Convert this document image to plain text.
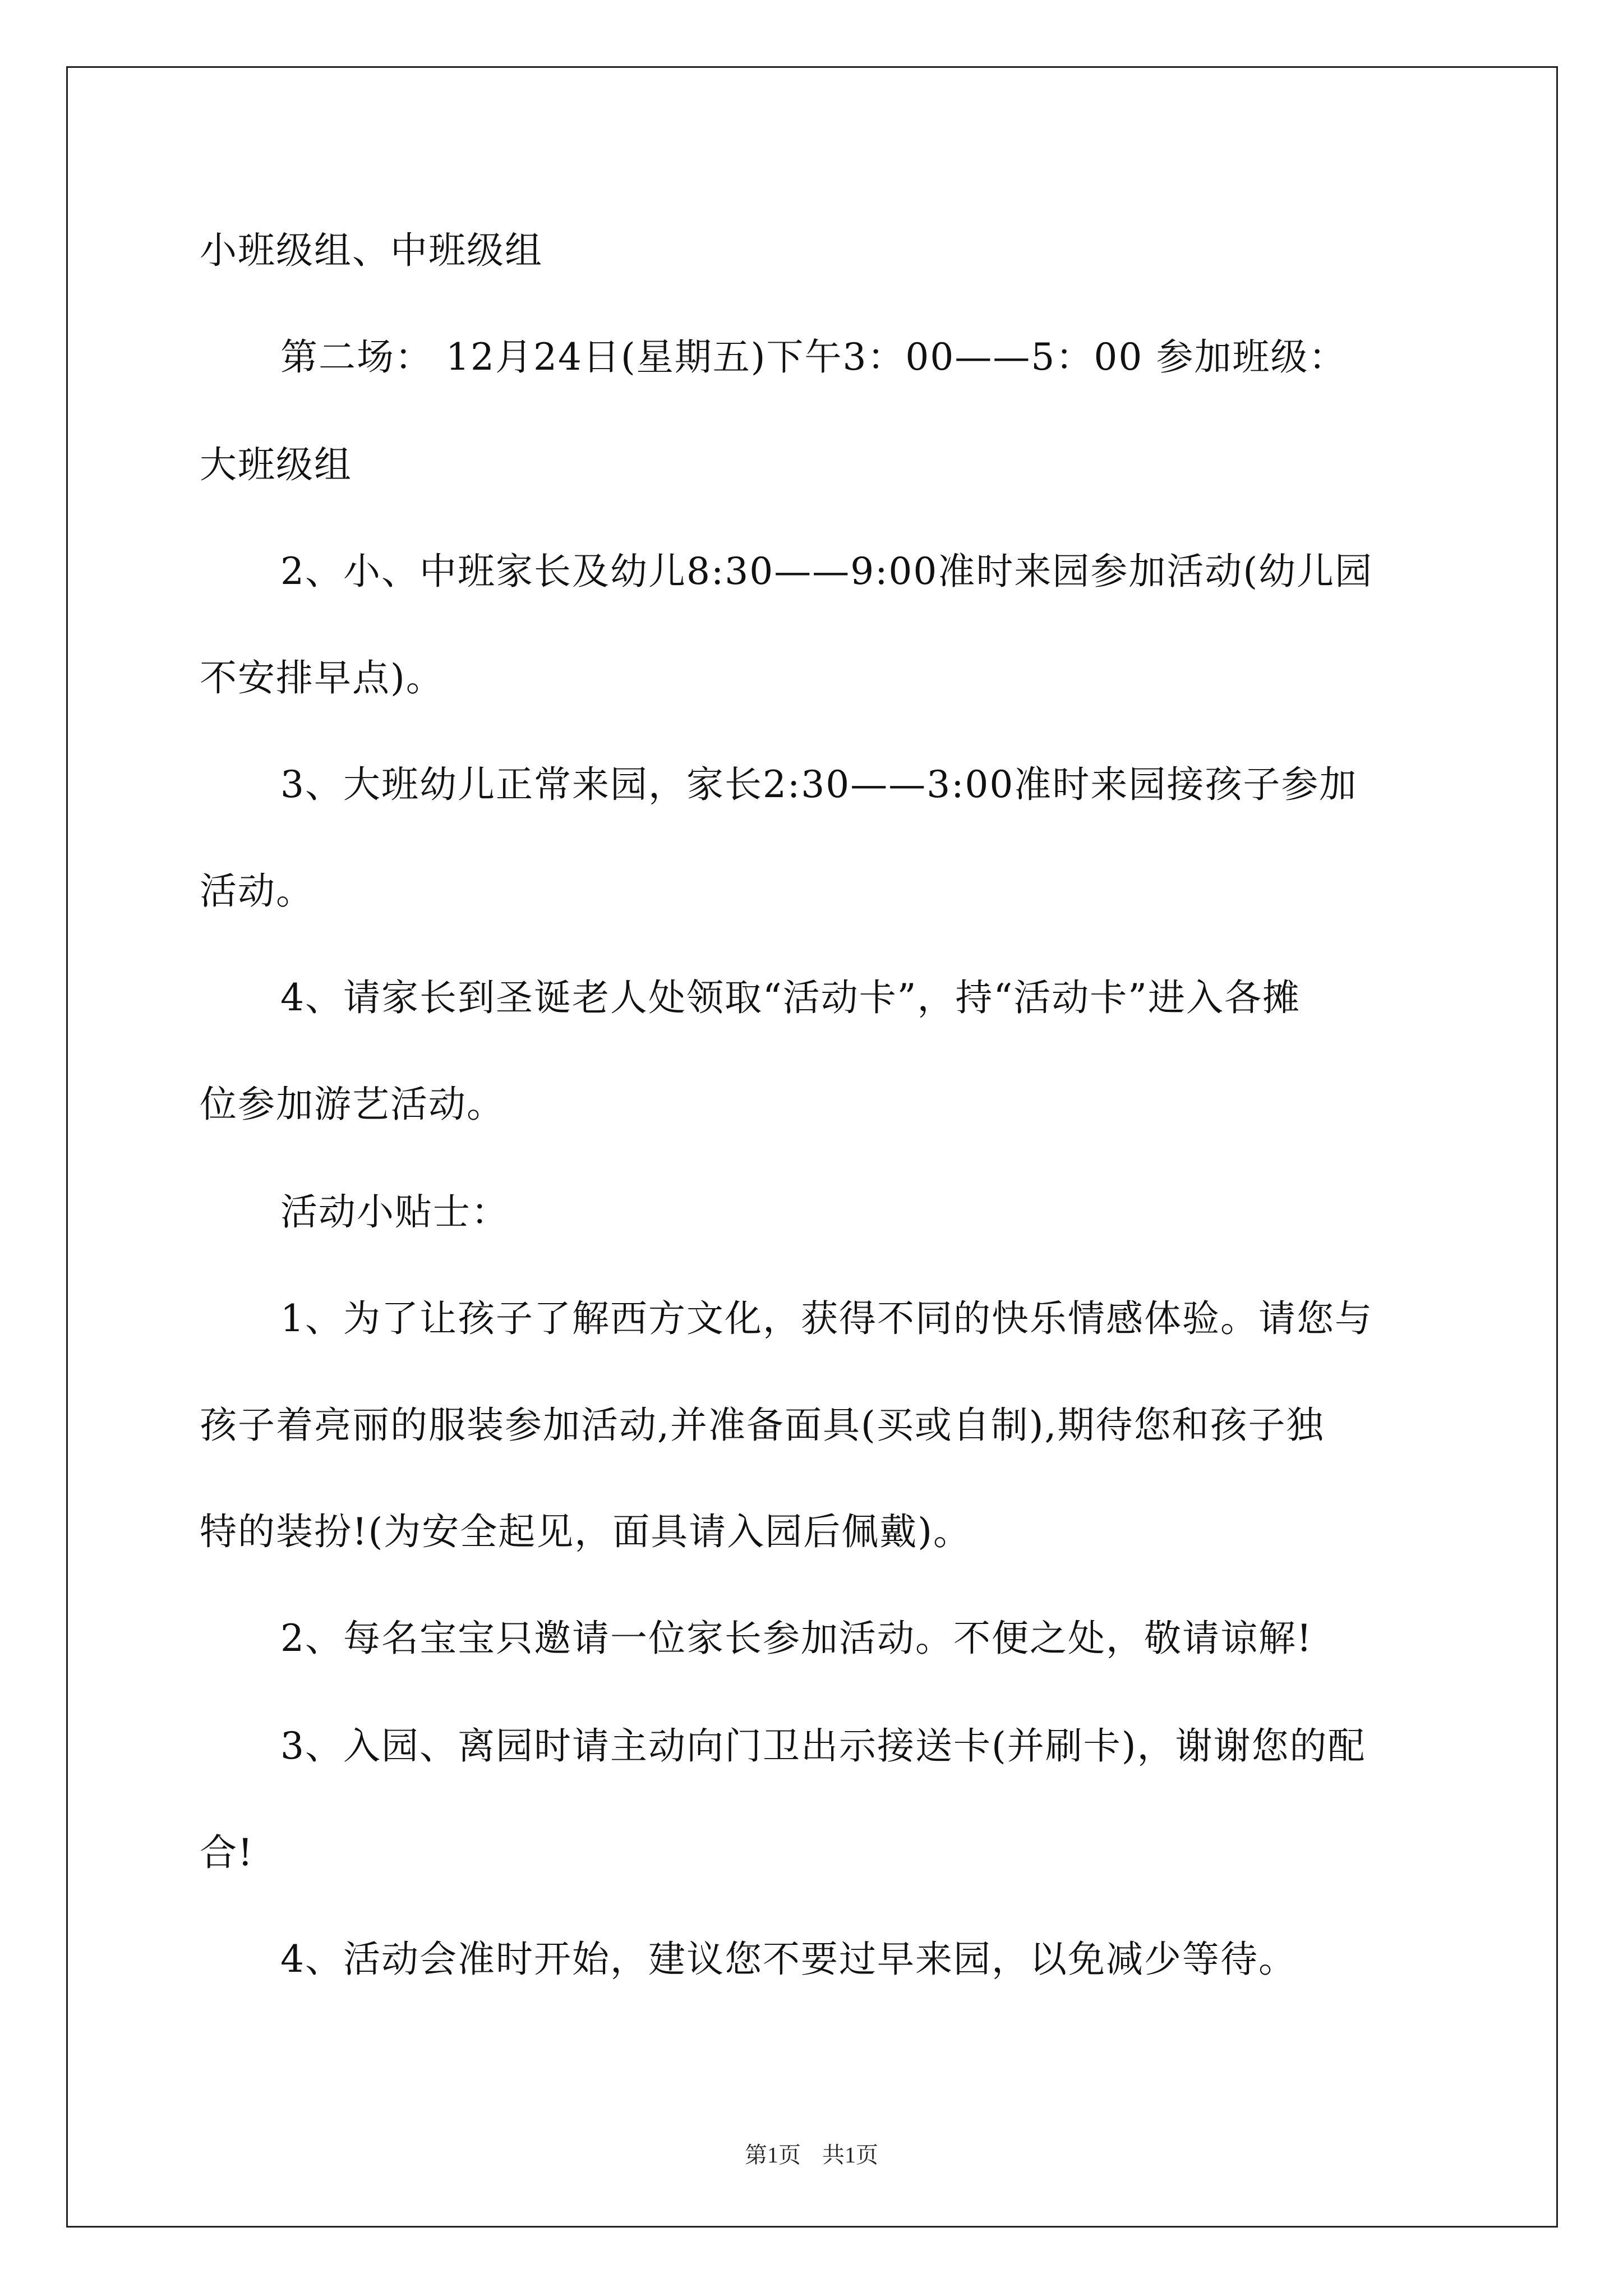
小班级组、中班级组
第二场： 12月24日(星期五)下午3：00——5：00 参加班级：
大班级组
2、小、中班家长及幼儿8:30——9:00准时来园参加活动(幼儿园
不安排早点)。
3、大班幼儿正常来园，家长2:30——3:00准时来园接孩子参加
活动。
4、请家长到圣诞老人处领取“活动卡”，持“活动卡”进入各摊
位参加游艺活动。
活动小贴士：
1、为了让孩子了解西方文化，获得不同的快乐情感体验。请您与
孩子着亮丽的服装参加活动,并准备面具(买或自制),期待您和孩子独
特的装扮!(为安全起见，面具请入园后佩戴)。
2、每名宝宝只邀请一位家长参加活动。不便之处，敬请谅解!
3、入园、离园时请主动向门卫出示接送卡(并刷卡)，谢谢您的配
合!
4、活动会准时开始，建议您不要过早来园，以免减少等待。
第1页 共1页
